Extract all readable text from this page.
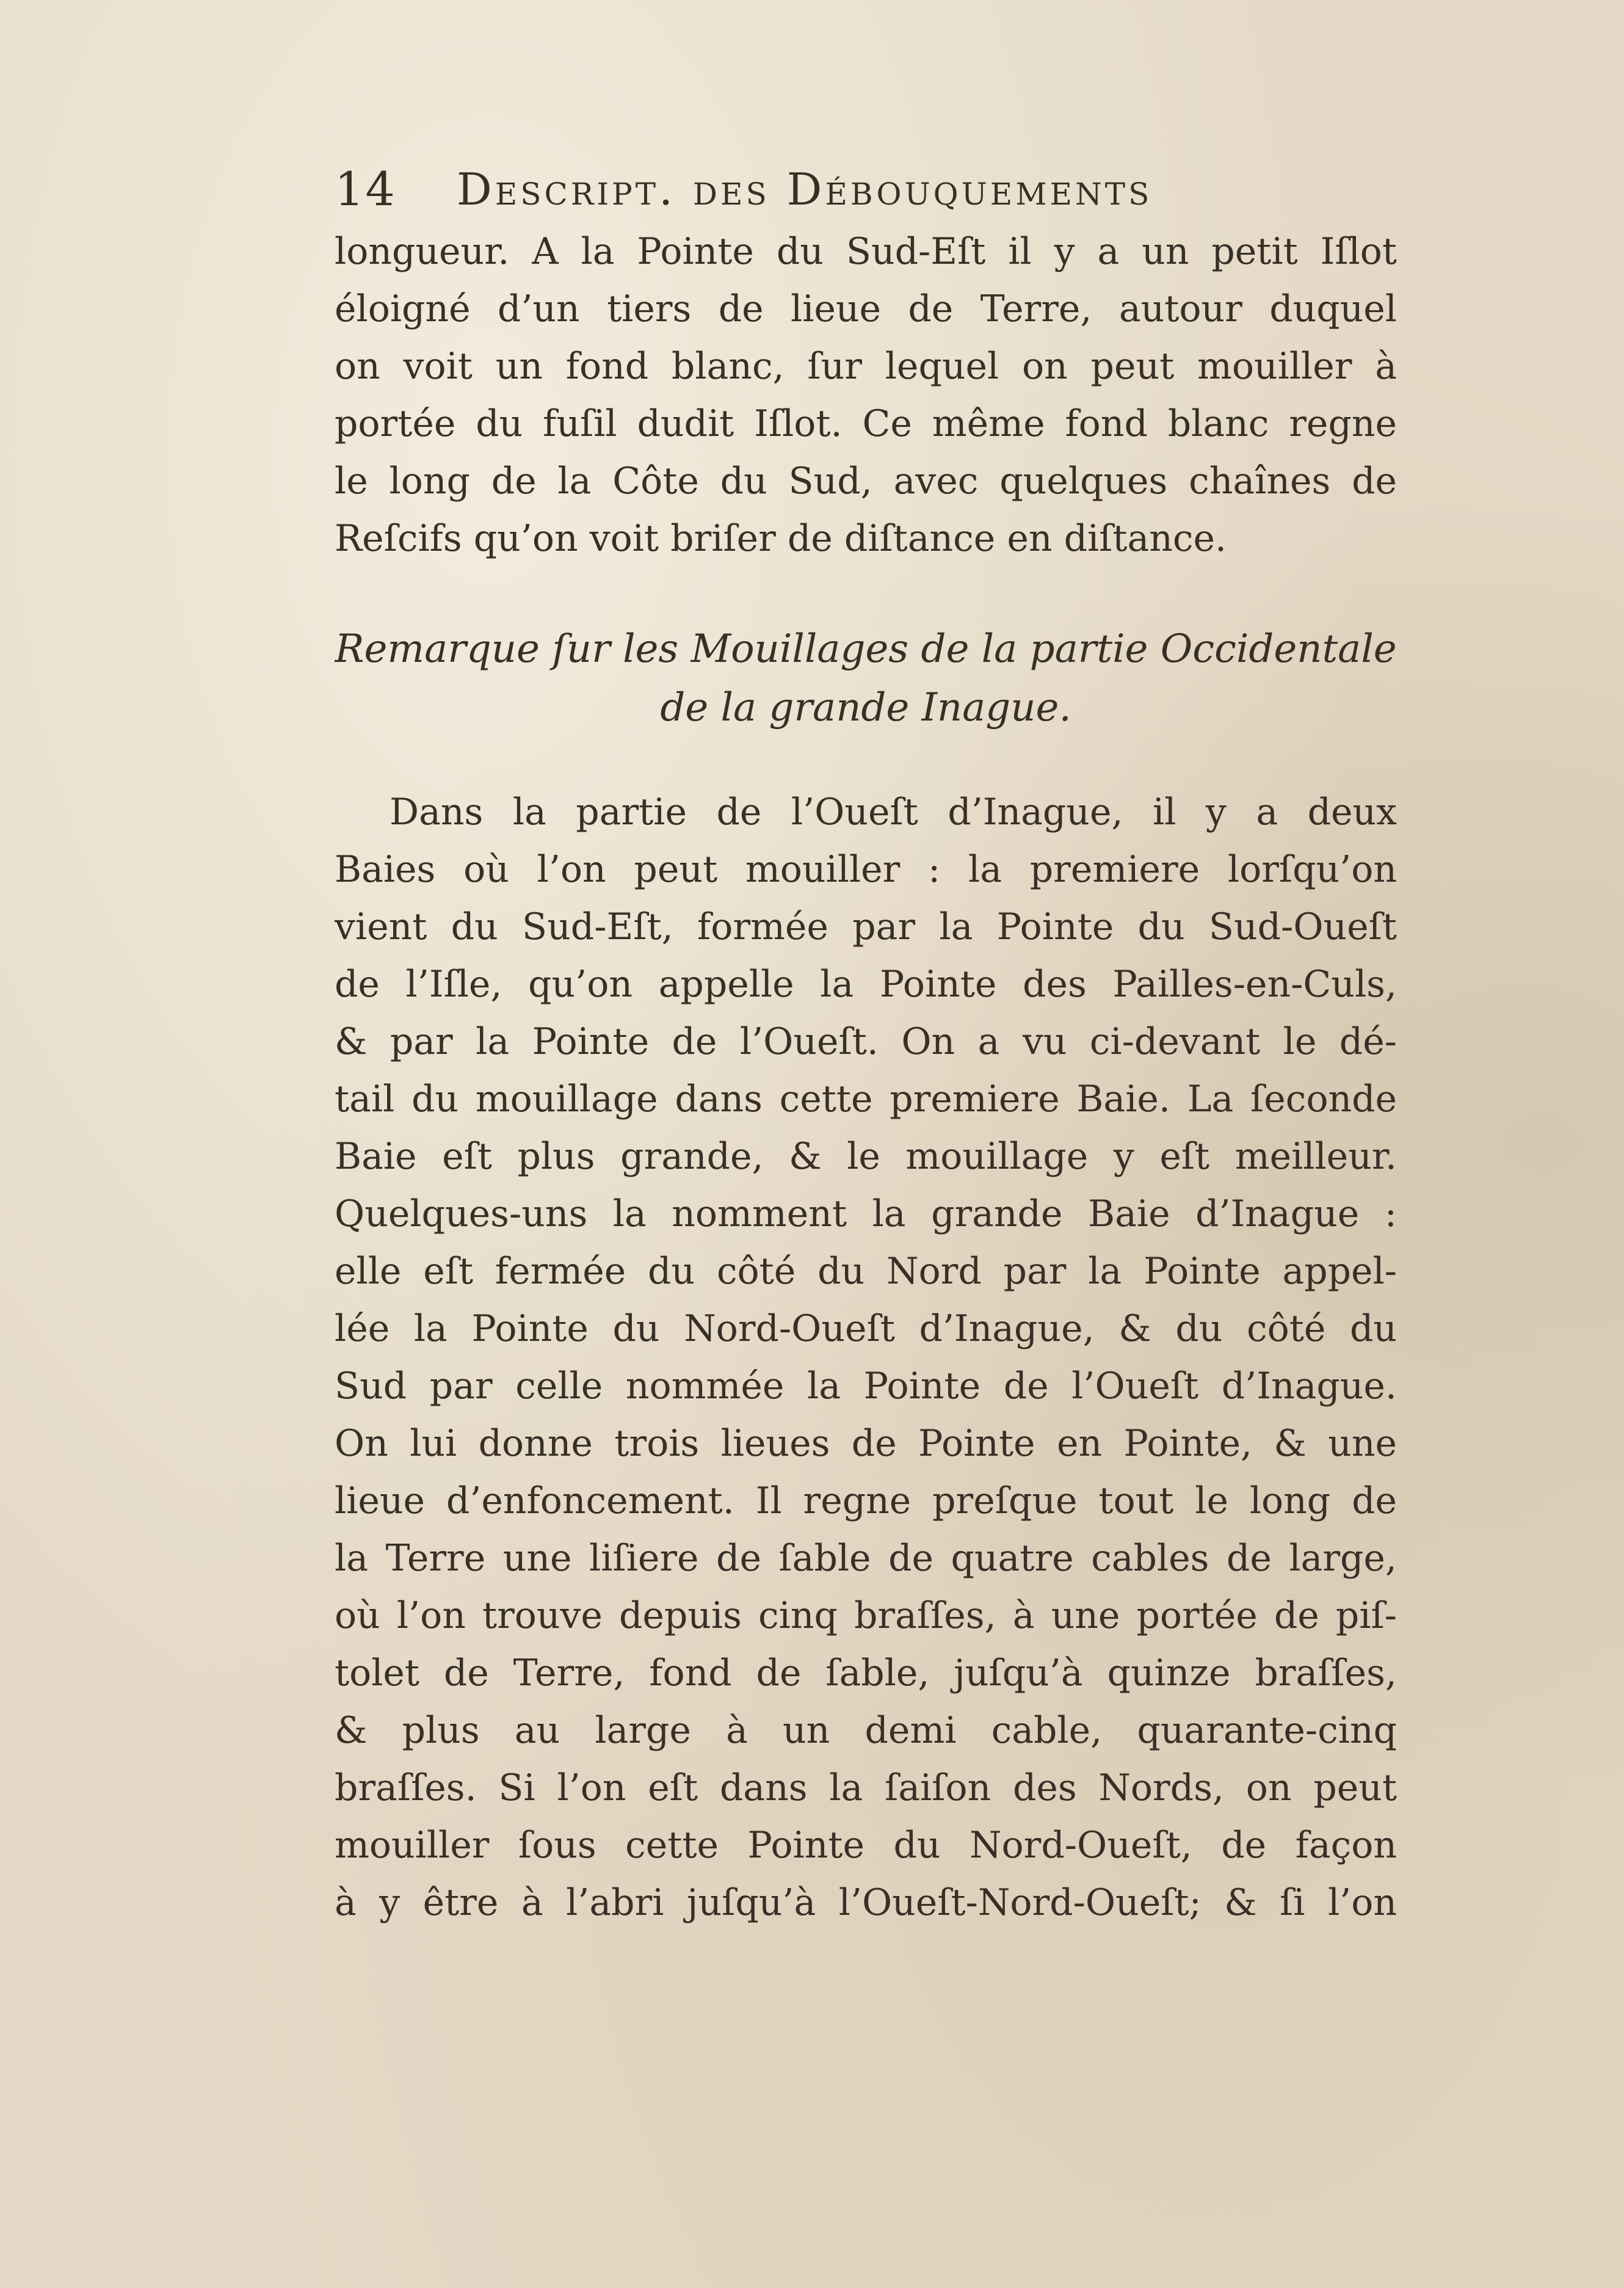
14 Descript. des Débouquements
longueur. A la Pointe du Sud-Eſt il y a un petit Iſlot
éloigné d’un tiers de lieue de Terre, autour duquel
on voit un fond blanc, ſur lequel on peut mouiller à
portée du fuſil dudit Iſlot. Ce même fond blanc regne
le long de la Côte du Sud, avec quelques chaînes de
Reſcifs qu’on voit briſer de diſtance en diſtance.
Remarque ſur les Mouillages de la partie Occidentale
de la grande Inague.
Dans la partie de l’Oueſt d’Inague, il y a deux
Baies où l’on peut mouiller : la premiere lorſqu’on
vient du Sud-Eſt, formée par la Pointe du Sud-Oueſt
de l’Iſle, qu’on appelle la Pointe des Pailles-en-Culs,
& par la Pointe de l’Oueſt. On a vu ci-devant le dé-
tail du mouillage dans cette premiere Baie. La ſeconde
Baie eſt plus grande, & le mouillage y eſt meilleur.
Quelques-uns la nomment la grande Baie d’Inague :
elle eſt fermée du côté du Nord par la Pointe appel-
lée la Pointe du Nord-Oueſt d’Inague, & du côté du
Sud par celle nommée la Pointe de l’Oueſt d’Inague.
On lui donne trois lieues de Pointe en Pointe, & une
lieue d’enfoncement. Il regne preſque tout le long de
la Terre une liſiere de ſable de quatre cables de large,
où l’on trouve depuis cinq braſſes, à une portée de piſ-
tolet de Terre, fond de ſable, juſqu’à quinze braſſes,
& plus au large à un demi cable, quarante-cinq
braſſes. Si l’on eſt dans la ſaiſon des Nords, on peut
mouiller ſous cette Pointe du Nord-Oueſt, de façon
à y être à l’abri juſqu’à l’Oueſt-Nord-Oueſt; & ſi l’on
